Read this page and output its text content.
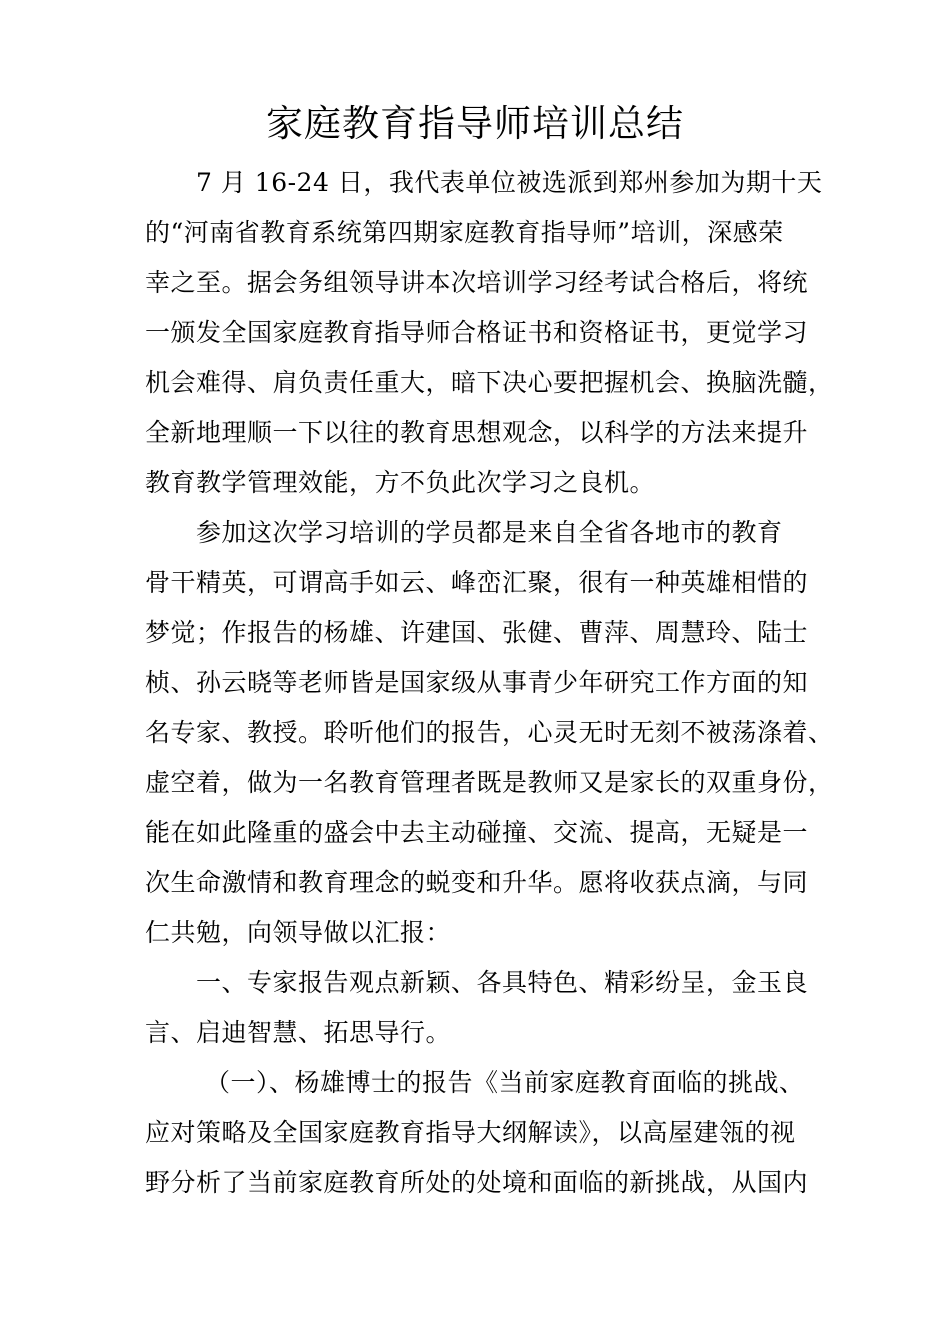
家庭教育指导师培训总结
7 月 16-24 日，我代表单位被选派到郑州参加为期十天
的“河南省教育系统第四期家庭教育指导师”培训，深感荣
幸之至。据会务组领导讲本次培训学习经考试合格后，将统
一颁发全国家庭教育指导师合格证书和资格证书，更觉学习
机会难得、肩负责任重大，暗下决心要把握机会、换脑洗髓，
全新地理顺一下以往的教育思想观念，以科学的方法来提升
教育教学管理效能，方不负此次学习之良机。
参加这次学习培训的学员都是来自全省各地市的教育
骨干精英，可谓高手如云、峰峦汇聚，很有一种英雄相惜的
梦觉；作报告的杨雄、许建国、张健、曹萍、周慧玲、陆士
桢、孙云晓等老师皆是国家级从事青少年研究工作方面的知
名专家、教授。聆听他们的报告，心灵无时无刻不被荡涤着、
虚空着，做为一名教育管理者既是教师又是家长的双重身份，
能在如此隆重的盛会中去主动碰撞、交流、提高，无疑是一
次生命激情和教育理念的蜕变和升华。愿将收获点滴，与同
仁共勉，向领导做以汇报：
一、专家报告观点新颖、各具特色、精彩纷呈，金玉良
言、启迪智慧、拓思导行。
（一）、杨雄博士的报告《当前家庭教育面临的挑战、
应对策略及全国家庭教育指导大纲解读》，以高屋建瓴的视
野分析了当前家庭教育所处的处境和面临的新挑战，从国内
